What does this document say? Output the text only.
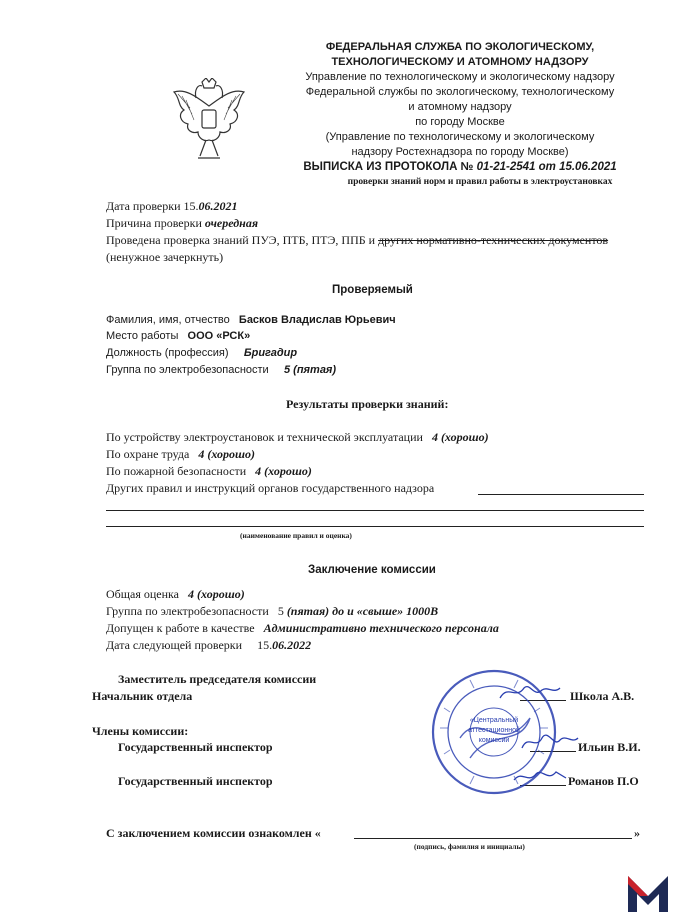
ФЕДЕРАЛЬНАЯ СЛУЖБА ПО ЭКОЛОГИЧЕСКОМУ,
ТЕХНОЛОГИЧЕСКОМУ И АТОМНОМУ НАДЗОРУ
Управление по технологическому и экологическому надзору
Федеральной службы по экологическому, технологическому
и атомному надзору
по городу Москве
(Управление по технологическому и экологическому
надзору Ростехнадзора по городу Москве)
ВЫПИСКА ИЗ ПРОТОКОЛА № 01-21-2541 от 15.06.2021
проверки знаний норм и правил работы в электроустановках
Дата проверки 15.06.2021
Причина проверки очередная
Проведена проверка знаний ПУЭ, ПТБ, ПТЭ, ППБ и других нормативно-технических документов
(ненужное зачеркнуть)
Проверяемый
Фамилия, имя, отчество Басков Владислав Юрьевич
Место работы ООО «РСК»
Должность (профессия) Бригадир
Группа по электробезопасности 5 (пятая)
Результаты проверки знаний:
По устройству электроустановок и технической эксплуатации 4 (хорошо)
По охране труда 4 (хорошо)
По пожарной безопасности 4 (хорошо)
Других правил и инструкций органов государственного надзора
(наименование правил и оценка)
Заключение комиссии
Общая оценка 4 (хорошо)
Группа по электробезопасности 5 (пятая) до и «свыше» 1000В
Допущен к работе в качестве Административно технического персонала
Дата следующей проверки 15.06.2022
Заместитель председателя комиссии
Начальник отдела	Школа А.В.
Члены комиссии:
Государственный инспектор	Ильин В.И.
Государственный инспектор	Романов П.О
С заключением комиссии ознакомлен «	»
(подпись, фамилия и инициалы)
«Центральный
аттестационной
комиссии
